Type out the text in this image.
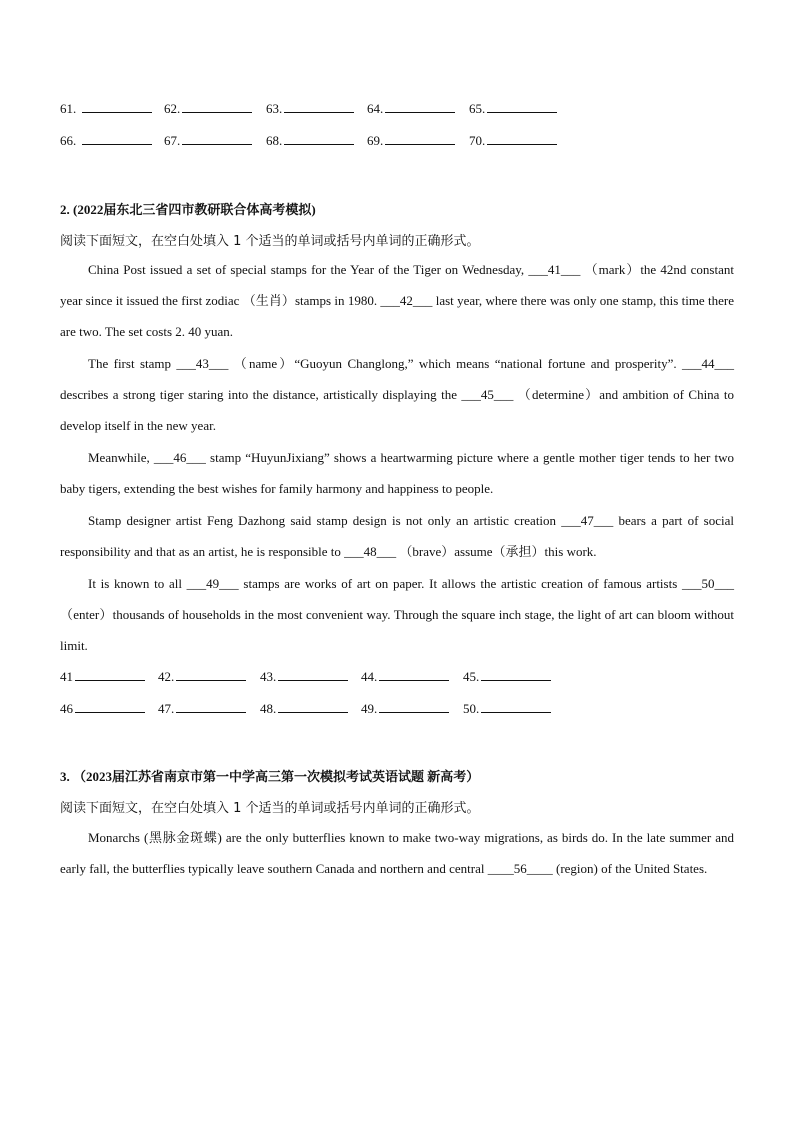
61.	62.	63.	64.	65.
66.	67.	68.	69.	70.
2. (2022届东北三省四市教研联合体高考模拟)
阅读下面短文，在空白处填入 1 个适当的单词或括号内单词的正确形式。
China Post issued a set of special stamps for the Year of the Tiger on Wednesday, ___41___ （mark）the 42nd constant year since it issued the first zodiac （生肖）stamps in 1980. ___42___ last year, where there was only one stamp, this time there are two. The set costs 2. 40 yuan.
The first stamp ___43___ （name）“Guoyun Changlong,” which means “national fortune and prosperity”. ___44___ describes a strong tiger staring into the distance, artistically displaying the ___45___ （determine）and ambition of China to develop itself in the new year.
Meanwhile, ___46___ stamp “HuyunJixiang” shows a heartwarming picture where a gentle mother tiger tends to her two baby tigers, extending the best wishes for family harmony and happiness to people.
Stamp designer artist Feng Dazhong said stamp design is not only an artistic creation ___47___ bears a part of social responsibility and that as an artist, he is responsible to ___48___ （brave）assume（承担）this work.
It is known to all ___49___ stamps are works of art on paper. It allows the artistic creation of famous artists ___50___ （enter）thousands of households in the most convenient way. Through the square inch stage, the light of art can bloom without limit.
41	42.	43.	44.	45.
46	47.	48.	49.	50.
3. （2023届江苏省南京市第一中学高三第一次模拟考试英语试题 新高考）
阅读下面短文，在空白处填入 1 个适当的单词或括号内单词的正确形式。
Monarchs (黑脉金斑蝶) are the only butterflies known to make two-way migrations, as birds do. In the late summer and early fall, the butterflies typically leave southern Canada and northern and central ____56____ (region) of the United States.
